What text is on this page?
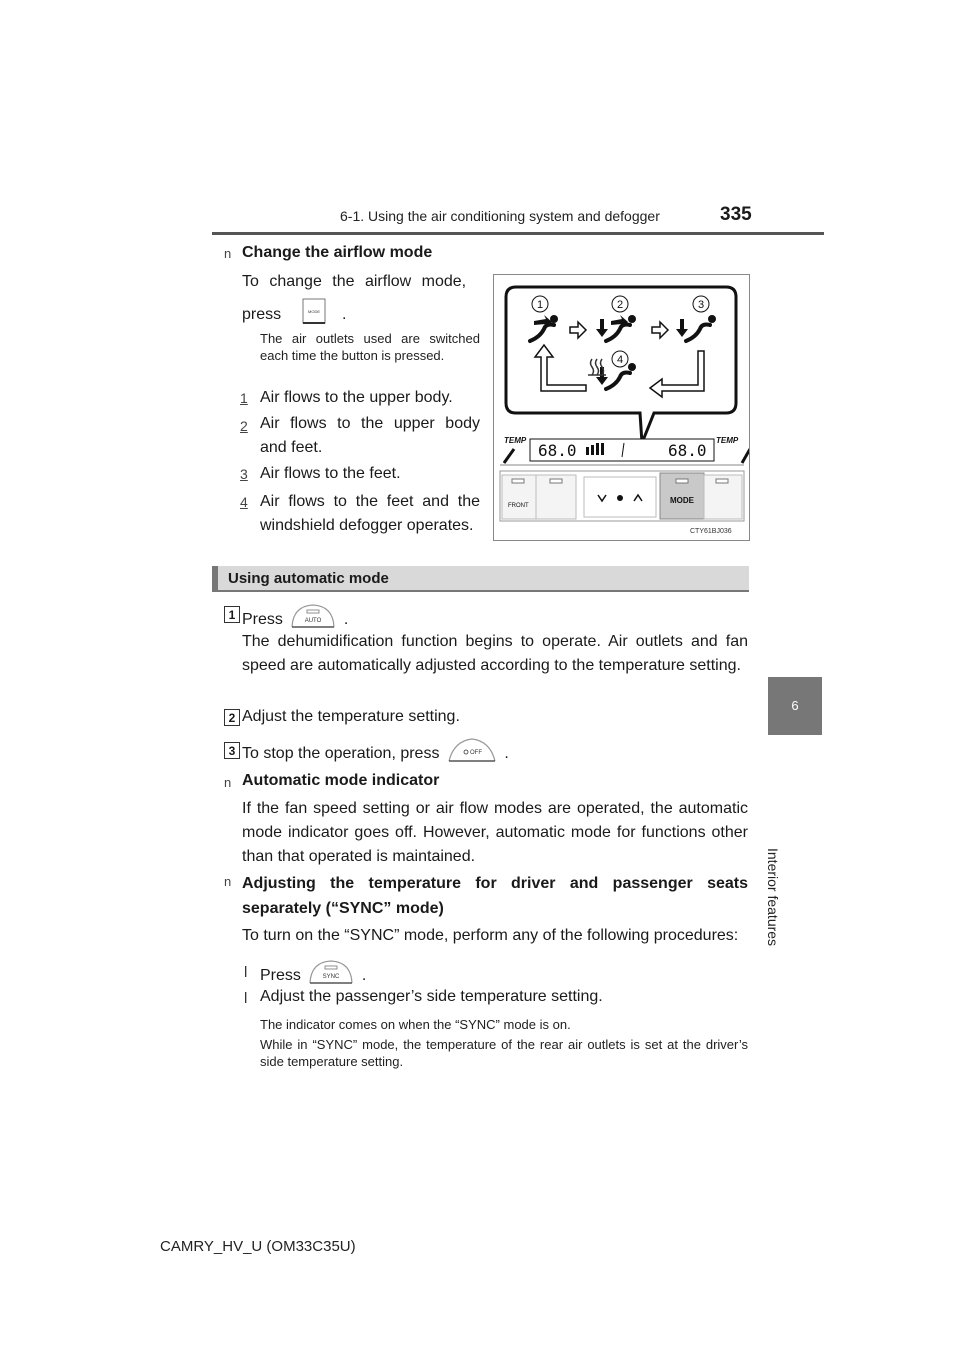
6-1. Using the air conditioning system and defogger	335
6
Interior features
n Change the airflow mode
To change the airflow mode,
press	MODE .
The air outlets used are switched each time the button is pressed.
1 Air flows to the upper body.
2 Air flows to the upper body and feet.
3 Air flows to the feet.
4 Air flows to the feet and the windshield defogger operates.
1	2	3
4
TEMP	TEMP
68.0	68.0
FRONT
MODE
CTY61BJ036
Using automatic mode
1 Press	AUTO .
The dehumidification function begins to operate. Air outlets and fan speed are automatically adjusted according to the temperature setting.
2 Adjust the temperature setting.
3 To stop the operation, press	OFF .
n Automatic mode indicator
If the fan speed setting or air flow modes are operated, the automatic mode indicator goes off. However, automatic mode for functions other than that operated is maintained.
n Adjusting the temperature for driver and passenger seats separately (“SYNC” mode)
To turn on the “SYNC” mode, perform any of the following procedures:
l Press	SYNC .
l Adjust the passenger’s side temperature setting.
The indicator comes on when the “SYNC” mode is on.
While in “SYNC” mode, the temperature of the rear air outlets is set at the driver’s side temperature setting.
CAMRY_HV_U (OM33C35U)
